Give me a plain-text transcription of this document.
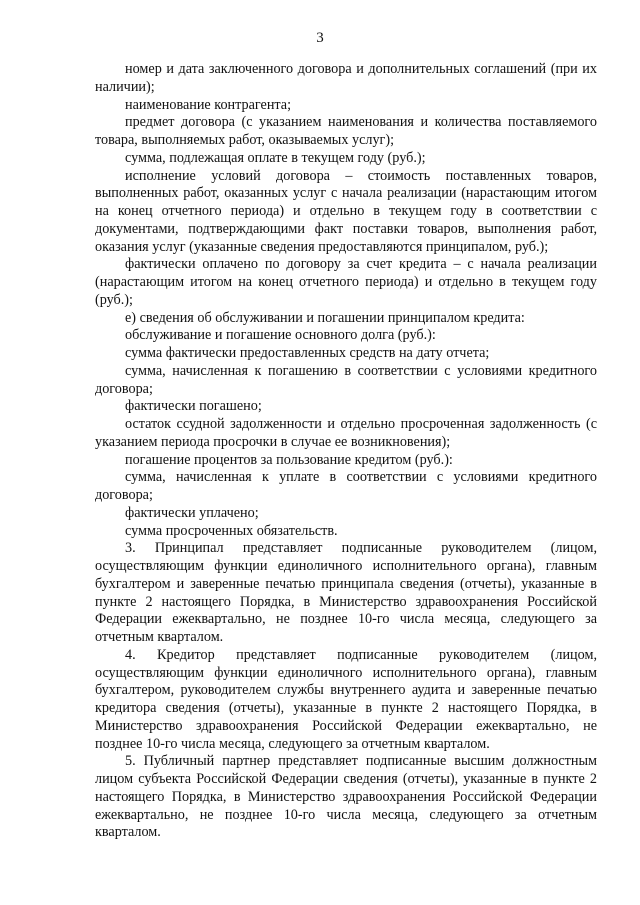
3

номер и дата заключенного договора и дополнительных соглашений (при их наличии);

наименование контрагента;

предмет договора (с указанием наименования и количества поставляемого товара, выполняемых работ, оказываемых услуг);

сумма, подлежащая оплате в текущем году (руб.);

исполнение условий договора – стоимость поставленных товаров, выполненных работ, оказанных услуг с начала реализации (нарастающим итогом на конец отчетного периода) и отдельно в текущем году в соответствии с документами, подтверждающими факт поставки товаров, выполнения работ, оказания услуг (указанные сведения предоставляются принципалом, руб.);

фактически оплачено по договору за счет кредита – с начала реализации (нарастающим итогом на конец отчетного периода) и отдельно в текущем году (руб.);

е) сведения об обслуживании и погашении принципалом кредита:

обслуживание и погашение основного долга (руб.):

сумма фактически предоставленных средств на дату отчета;

сумма, начисленная к погашению в соответствии с условиями кредитного договора;

фактически погашено;

остаток ссудной задолженности и отдельно просроченная задолженность (с указанием периода просрочки в случае ее возникновения);

погашение процентов за пользование кредитом (руб.):

сумма, начисленная к уплате в соответствии с условиями кредитного договора;

фактически уплачено;

сумма просроченных обязательств.

3. Принципал представляет подписанные руководителем (лицом, осуществляющим функции единоличного исполнительного органа), главным бухгалтером и заверенные печатью принципала сведения (отчеты), указанные в пункте 2 настоящего Порядка, в Министерство здравоохранения Российской Федерации ежеквартально, не позднее 10-го числа месяца, следующего за отчетным кварталом.

4. Кредитор представляет подписанные руководителем (лицом, осуществляющим функции единоличного исполнительного органа), главным бухгалтером, руководителем службы внутреннего аудита и заверенные печатью кредитора сведения (отчеты), указанные в пункте 2 настоящего Порядка, в Министерство здравоохранения Российской Федерации ежеквартально, не позднее 10-го числа месяца, следующего за отчетным кварталом.

5. Публичный партнер представляет подписанные высшим должностным лицом субъекта Российской Федерации сведения (отчеты), указанные в пункте 2 настоящего Порядка, в Министерство здравоохранения Российской Федерации ежеквартально, не позднее 10-го числа месяца, следующего за отчетным кварталом.
